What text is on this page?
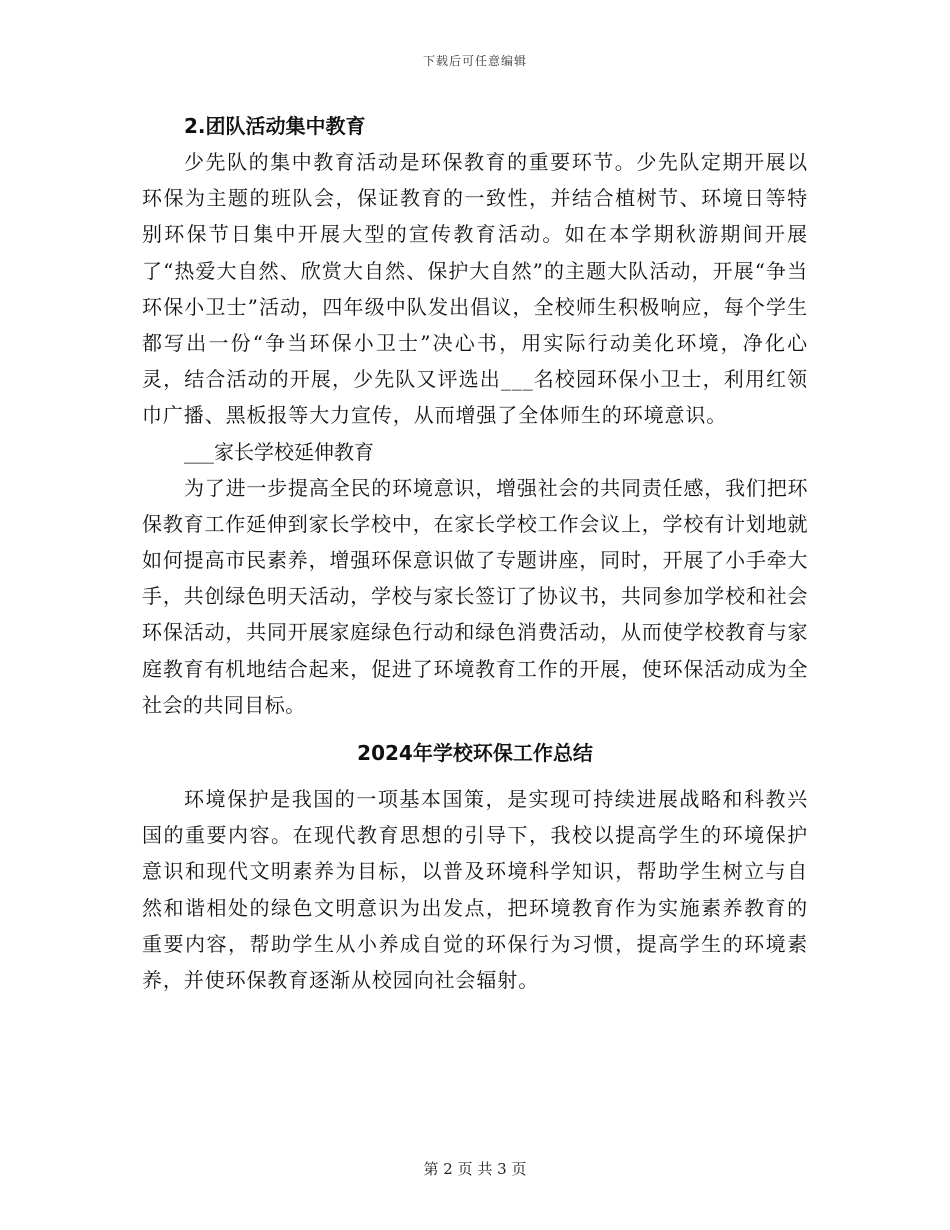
下载后可任意编辑

2.团队活动集中教育

少先队的集中教育活动是环保教育的重要环节。少先队定期开展以环保为主题的班队会，保证教育的一致性，并结合植树节、环境日等特别环保节日集中开展大型的宣传教育活动。如在本学期秋游期间开展了“热爱大自然、欣赏大自然、保护大自然”的主题大队活动，开展“争当环保小卫士”活动，四年级中队发出倡议，全校师生积极响应，每个学生都写出一份“争当环保小卫士”决心书，用实际行动美化环境，净化心灵，结合活动的开展，少先队又评选出___名校园环保小卫士，利用红领巾广播、黑板报等大力宣传，从而增强了全体师生的环境意识。

___家长学校延伸教育

为了进一步提高全民的环境意识，增强社会的共同责任感，我们把环保教育工作延伸到家长学校中，在家长学校工作会议上，学校有计划地就如何提高市民素养，增强环保意识做了专题讲座，同时，开展了小手牵大手，共创绿色明天活动，学校与家长签订了协议书，共同参加学校和社会环保活动，共同开展家庭绿色行动和绿色消费活动，从而使学校教育与家庭教育有机地结合起来，促进了环境教育工作的开展，使环保活动成为全社会的共同目标。

2024年学校环保工作总结

环境保护是我国的一项基本国策，是实现可持续进展战略和科教兴国的重要内容。在现代教育思想的引导下，我校以提高学生的环境保护意识和现代文明素养为目标，以普及环境科学知识，帮助学生树立与自然和谐相处的绿色文明意识为出发点，把环境教育作为实施素养教育的重要内容，帮助学生从小养成自觉的环保行为习惯，提高学生的环境素养，并使环保教育逐渐从校园向社会辐射。

第 2 页 共 3 页
